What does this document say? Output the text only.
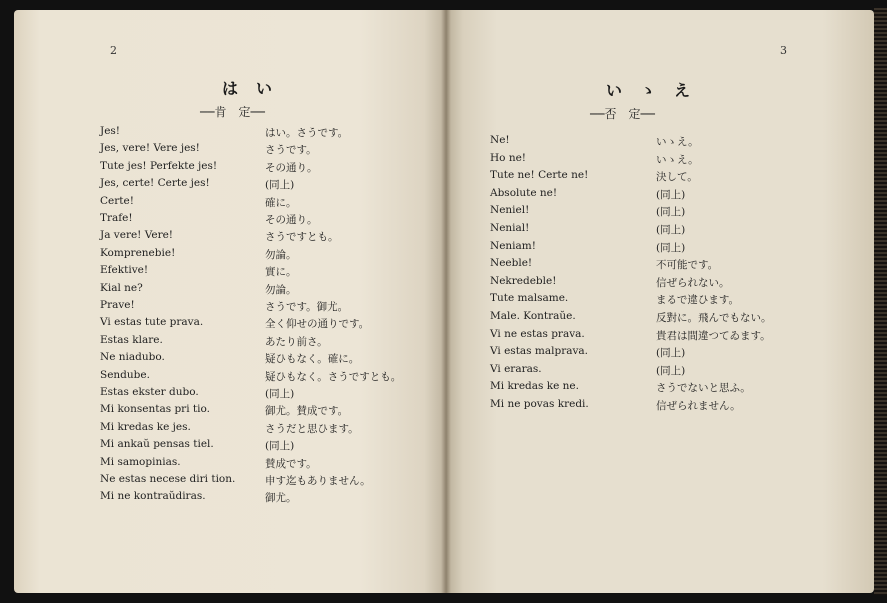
2
はい
──肯　定──
Jes!	はい。さうです。
Jes, vere! Vere jes!	さうです。
Tute jes! Perfekte jes!	その通り。
Jes, certe! Certe jes!	(同上)
Certe!	確に。
Trafe!	その通り。
Ja vere! Vere!	さうですとも。
Komprenebie!	勿論。
Efektive!	實に。
Kial ne?	勿論。
Prave!	さうです。御尤。
Vi estas tute prava.	全く仰せの通りです。
Estas klare.	あたり前さ。
Ne niadubo.	疑ひもなく。確に。
Sendube.	疑ひもなく。さうですとも。
Estas ekster dubo.	(同上)
Mi konsentas pri tio.	御尤。賛成です。
Mi kredas ke jes.	さうだと思ひます。
Mi ankaŭ pensas tiel.	(同上)
Mi samopinias.	賛成です。
Ne estas necese diri tion.	申す迄もありません。
Mi ne kontraŭdiras.	御尤。
3
いゝえ
──否　定──
Ne!	いゝえ。
Ho ne!	いゝえ。
Tute ne! Certe ne!	決して。
Absolute ne!	(同上)
Neniel!	(同上)
Nenial!	(同上)
Neniam!	(同上)
Neeble!	不可能です。
Nekredeble!	信ぜられない。
Tute malsame.	まるで違ひます。
Male. Kontraŭe.	反對に。飛んでもない。
Vi ne estas prava.	貴君は間違つてゐます。
Vi estas malprava.	(同上)
Vi eraras.	(同上)
Mi kredas ke ne.	さうでないと思ふ。
Mi ne povas kredi.	信ぜられません。
